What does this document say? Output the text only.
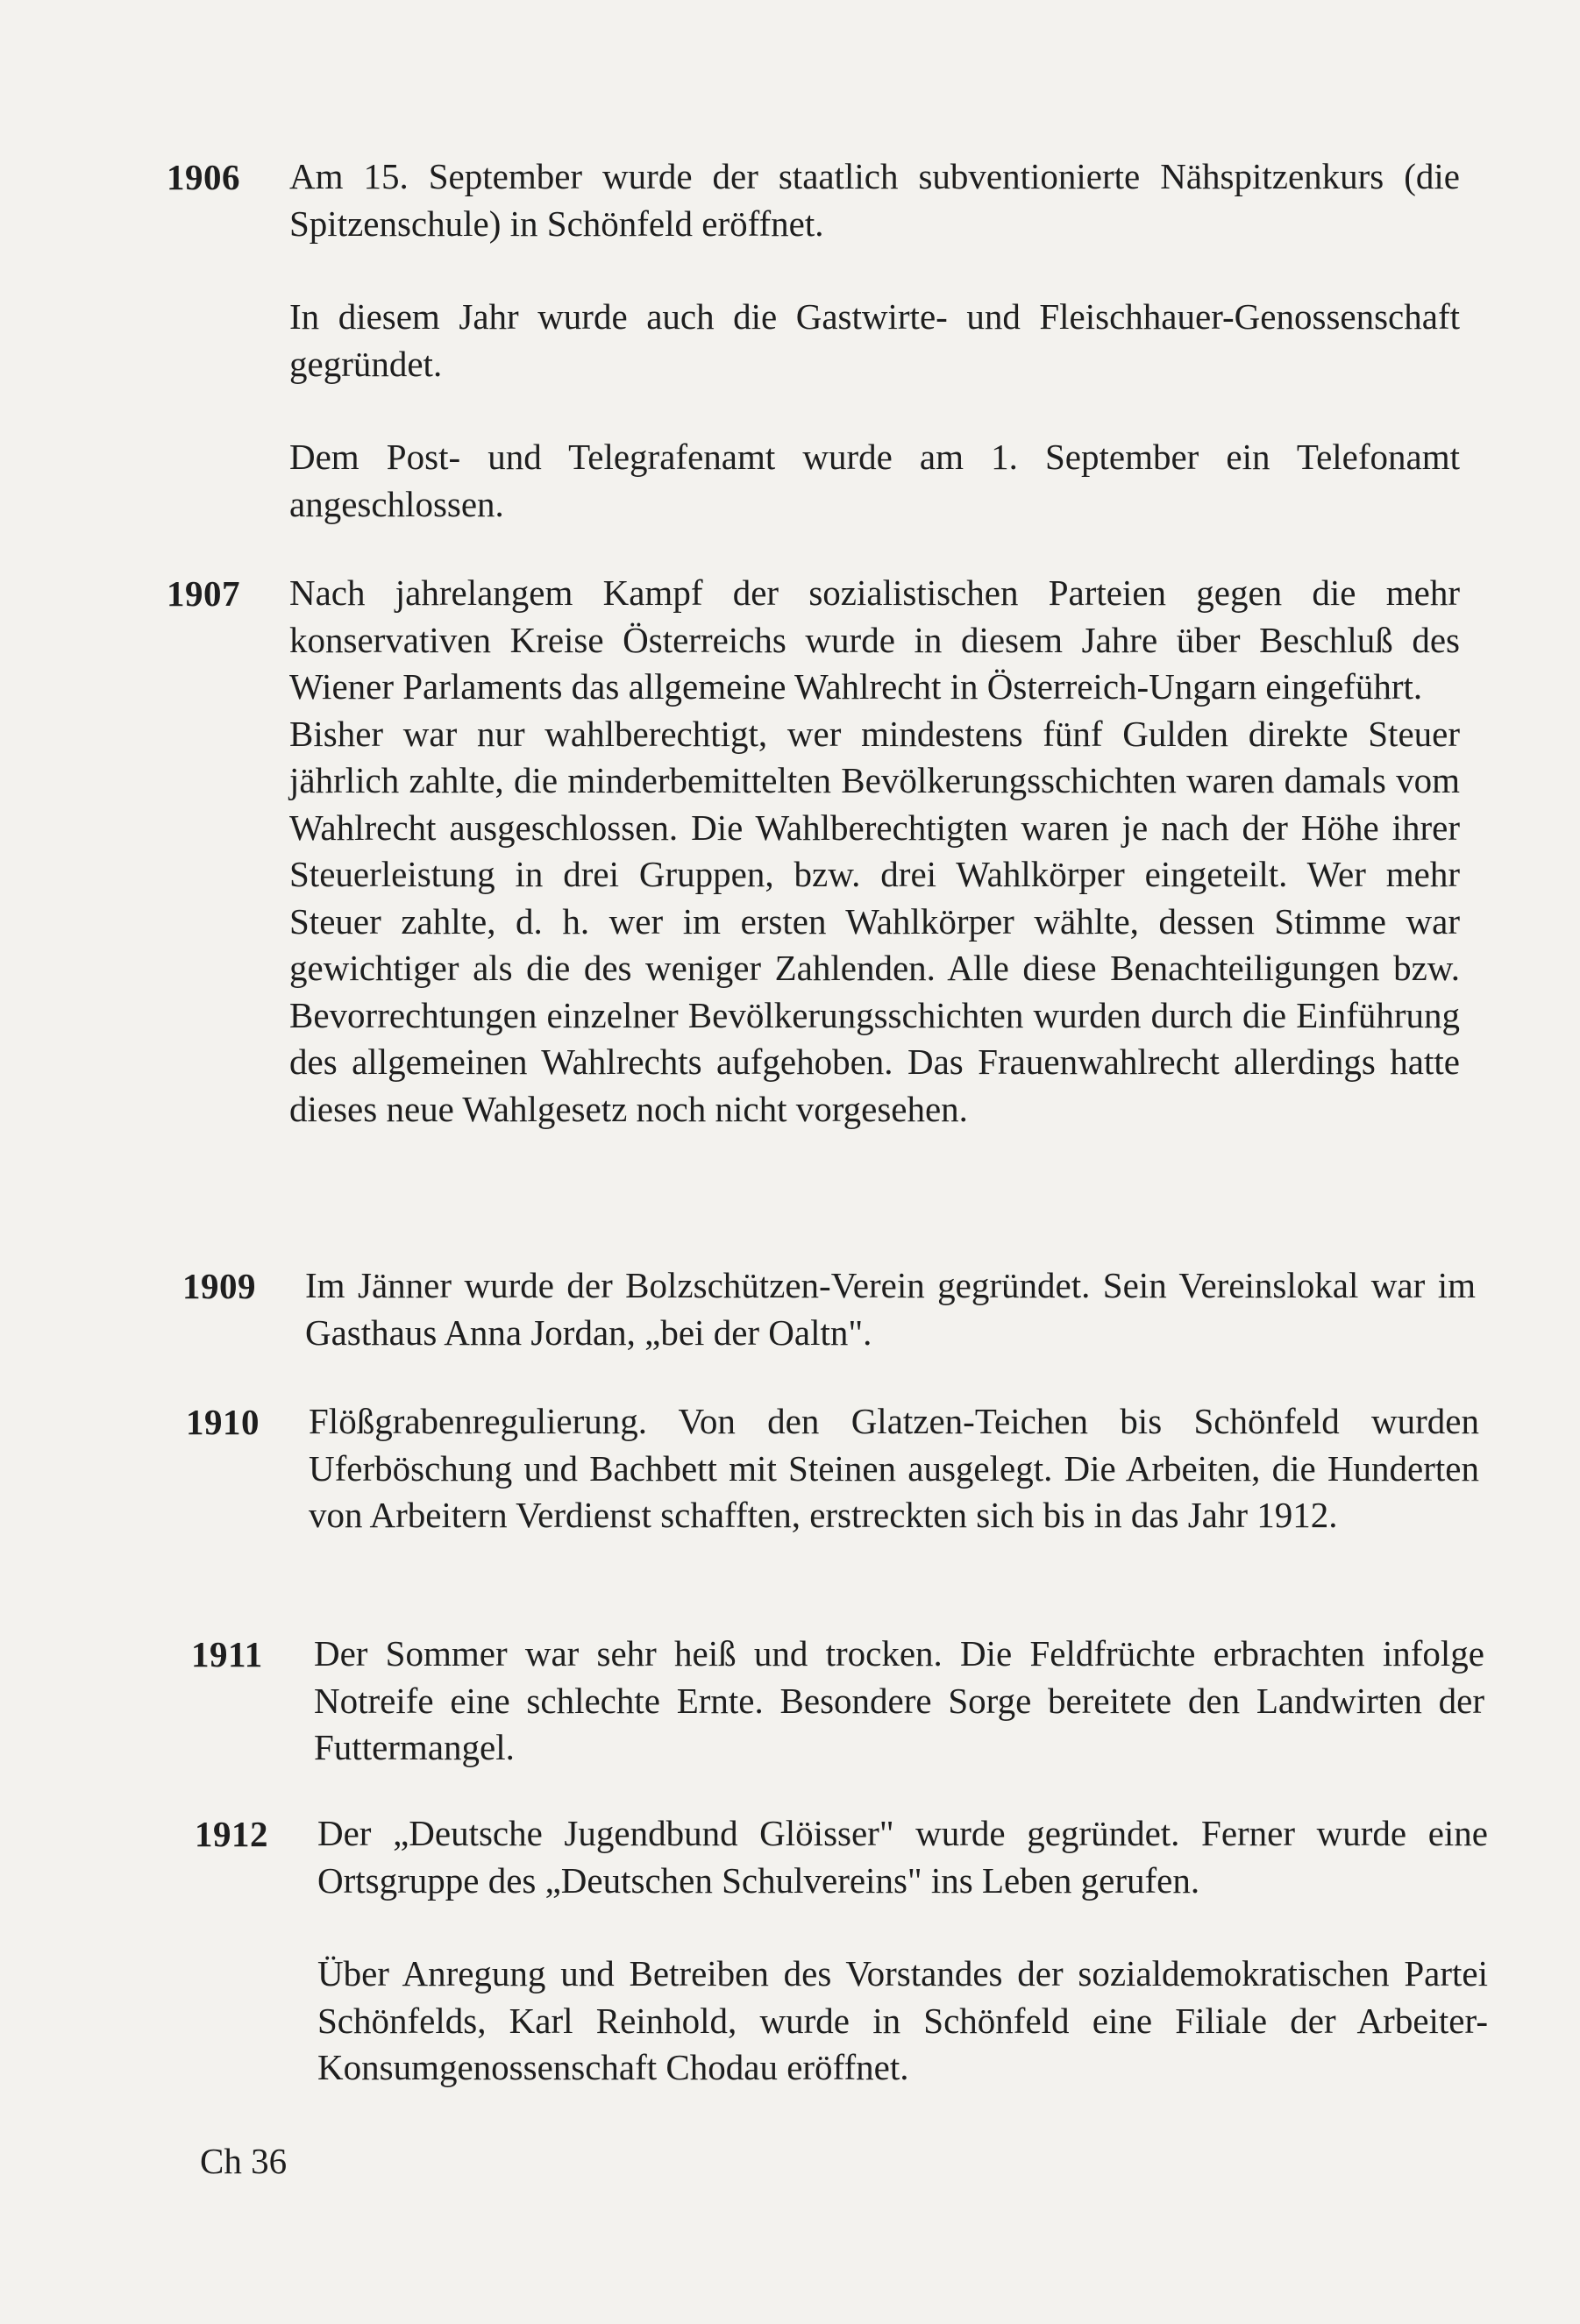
1906	Am 15. September wurde der staatlich subventionierte Nähspitzenkurs (die Spitzenschule) in Schönfeld eröffnet.

In diesem Jahr wurde auch die Gastwirte- und Fleischhauer-Genossenschaft gegründet.

Dem Post- und Telegrafenamt wurde am 1. September ein Telefonamt angeschlossen.

1907	Nach jahrelangem Kampf der sozialistischen Parteien gegen die mehr konservativen Kreise Österreichs wurde in diesem Jahre über Beschluß des Wiener Parlaments das allgemeine Wahlrecht in Österreich-Ungarn eingeführt.

Bisher war nur wahlberechtigt, wer mindestens fünf Gulden direkte Steuer jährlich zahlte, die minderbemittelten Bevölkerungsschichten waren damals vom Wahlrecht ausgeschlossen. Die Wahlberechtigten waren je nach der Höhe ihrer Steuerleistung in drei Gruppen, bzw. drei Wahlkörper eingeteilt. Wer mehr Steuer zahlte, d. h. wer im ersten Wahlkörper wählte, dessen Stimme war gewichtiger als die des weniger Zahlenden. Alle diese Benachteiligungen bzw. Bevorrechtungen einzelner Bevölkerungsschichten wurden durch die Einführung des allgemeinen Wahlrechts aufgehoben. Das Frauenwahlrecht allerdings hatte dieses neue Wahlgesetz noch nicht vorgesehen.

1909	Im Jänner wurde der Bolzschützen-Verein gegründet. Sein Vereinslokal war im Gasthaus Anna Jordan, „bei der Oaltn".

1910	Flößgrabenregulierung. Von den Glatzen-Teichen bis Schönfeld wurden Uferböschung und Bachbett mit Steinen ausgelegt. Die Arbeiten, die Hunderten von Arbeitern Verdienst schafften, erstreckten sich bis in das Jahr 1912.

1911	Der Sommer war sehr heiß und trocken. Die Feldfrüchte erbrachten infolge Notreife eine schlechte Ernte. Besondere Sorge bereitete den Landwirten der Futtermangel.

1912	Der „Deutsche Jugendbund Glöisser" wurde gegründet. Ferner wurde eine Ortsgruppe des „Deutschen Schulvereins" ins Leben gerufen.

Über Anregung und Betreiben des Vorstandes der sozialdemokratischen Partei Schönfelds, Karl Reinhold, wurde in Schönfeld eine Filiale der Arbeiter-Konsumgenossenschaft Chodau eröffnet.

Ch 36
